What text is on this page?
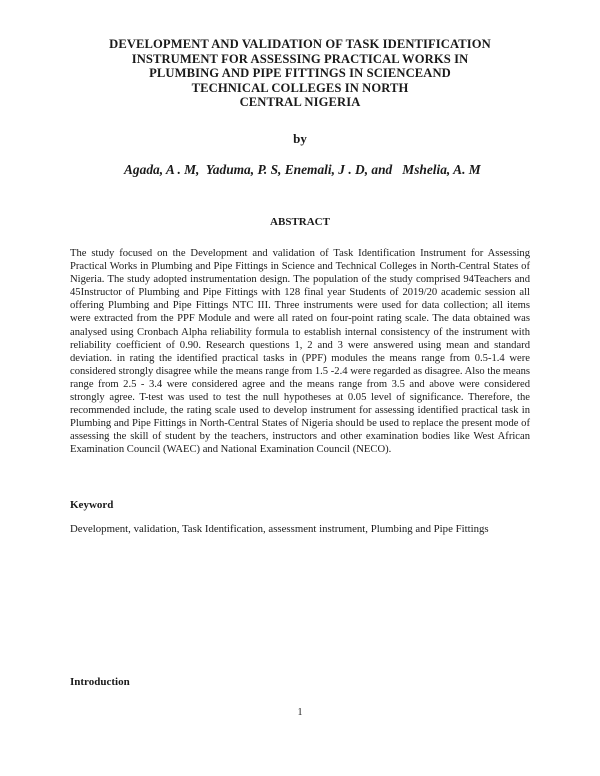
DEVELOPMENT AND VALIDATION OF TASK IDENTIFICATION
INSTRUMENT FOR ASSESSING PRACTICAL WORKS IN
PLUMBING AND PIPE FITTINGS IN SCIENCEAND
TECHNICAL COLLEGES IN NORTH
CENTRAL NIGERIA
by
Agada, A . M,  Yaduma, P. S, Enemali, J . D, and   Mshelia, A. M
ABSTRACT
The study focused on the Development and validation of Task Identification Instrument for Assessing Practical Works in Plumbing and Pipe Fittings in Science and Technical Colleges in North-Central States of Nigeria. The study adopted instrumentation design. The population of the study comprised 94Teachers and 45Instructor of Plumbing and Pipe Fittings with 128 final year Students of 2019/20 academic session all offering Plumbing and Pipe Fittings NTC III. Three instruments were used for data collection; all items were extracted from the PPF Module and were all rated on four-point rating scale. The data obtained was analysed using Cronbach Alpha reliability formula to establish internal consistency of the instrument with reliability coefficient of 0.90. Research questions 1, 2 and 3 were answered using mean and standard deviation. in rating the identified practical tasks in (PPF) modules the means range from 0.5-1.4 were considered strongly disagree while the means range from 1.5 -2.4 were regarded as disagree. Also the means range from 2.5 - 3.4 were considered agree and the means range from 3.5 and above were considered strongly agree. T-test was used to test the null hypotheses at 0.05 level of significance. Therefore, the recommended include, the rating scale used to develop instrument for assessing identified practical task in Plumbing and Pipe Fittings in North-Central States of Nigeria should be used to replace the present mode of assessing the skill of student by the teachers, instructors and other examination bodies like West African Examination Council (WAEC) and National Examination Council (NECO).
Keyword
Development, validation, Task Identification, assessment instrument, Plumbing and Pipe Fittings
Introduction
1
